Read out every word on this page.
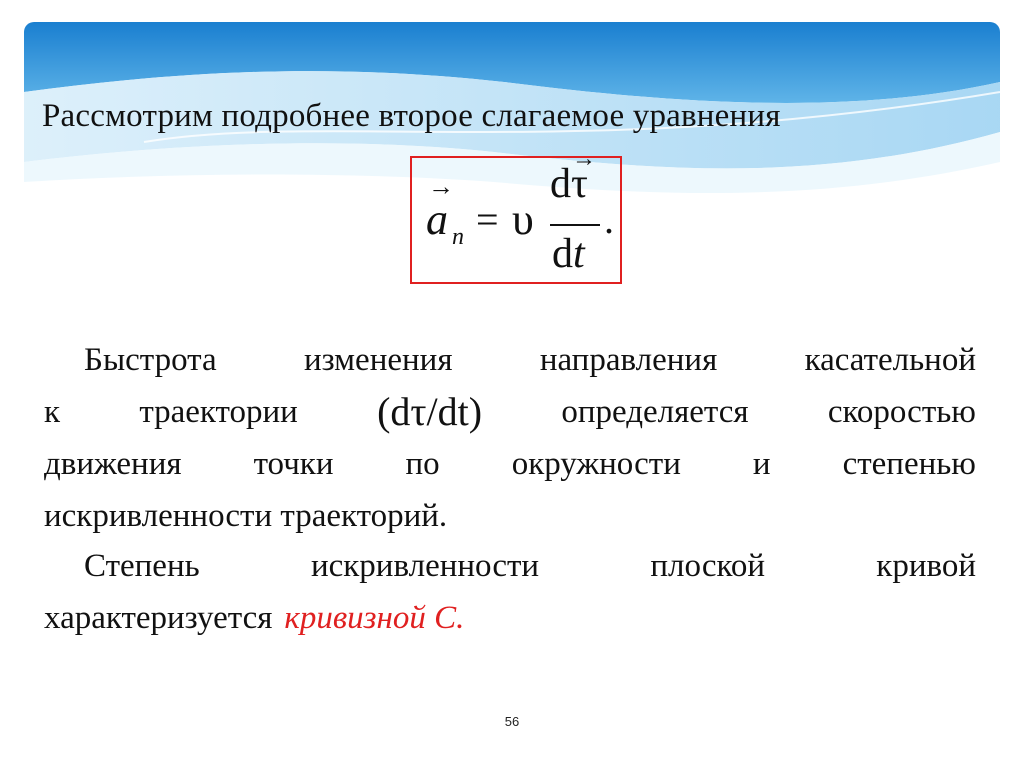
Рассмотрим подробнее второе слагаемое уравнения
→
a n = υ
dτ
→
dt
.
Быстрота	изменения	направления	касательной
к траектории (dτ/dt) определяется скоростью
движения точки по окружности и степенью
искривленности траекторий.
Степень	искривленности	плоской	кривой
характеризуется кривизной С.
56
